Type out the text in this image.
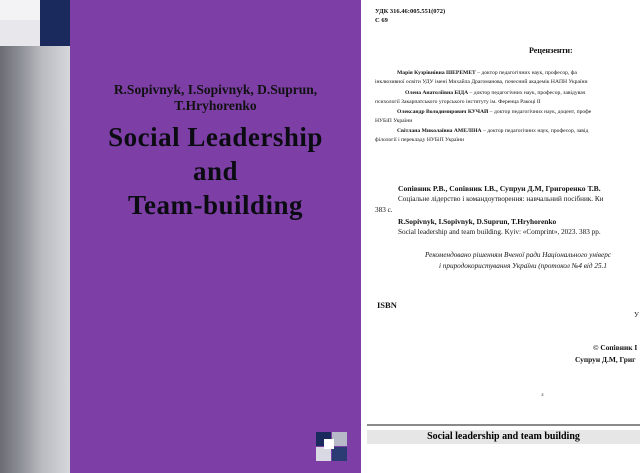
R.Sopivnyk, I.Sopivnyk, D.Suprun,
T.Hryhorenko
Social Leadership
and
Team-building
УДК 316.46:005.551(072)
С 69
Рецензенти:
Марія Кузрівнівна ШЕРЕМЕТ – доктор педагогічних наук, професор, фа
інклюзивної освіти УДУ імені Михайла Драгоманова, почесний академік НАПН України
Олена Анатоліївна БІДА – доктор педагогічних наук, професор, завідувач
психології Закарпатського угорського інституту ім. Ференца Ракоці II
Олександр Володимирович КУЧАЙ – доктор педагогічних наук, доцент, профе
НУБіП України
Світлана Миколаївна АМЕЛІНА – доктор педагогічних наук, професор, завід
філології і перекладу НУБіП України
Сопівник Р.В., Сопівник І.В., Супрун Д.М, Григоренко Т.В.
Соціальне лідерство і командоутворення: навчальний посібник. Ки
383 с.
R.Sopivnyk, I.Sopivnyk, D.Suprun, T.Hryhorenko
Social leadership and team building. Kyiv: «Comprint», 2023. 383 pp.
Рекомендовано рішенням Вченої ради Національного універс
і природокористування України (протокол №4 від 25.1
ISBN
У
© Сопівник І
Супрун Д.М, Григ
3
Social leadership and team building
